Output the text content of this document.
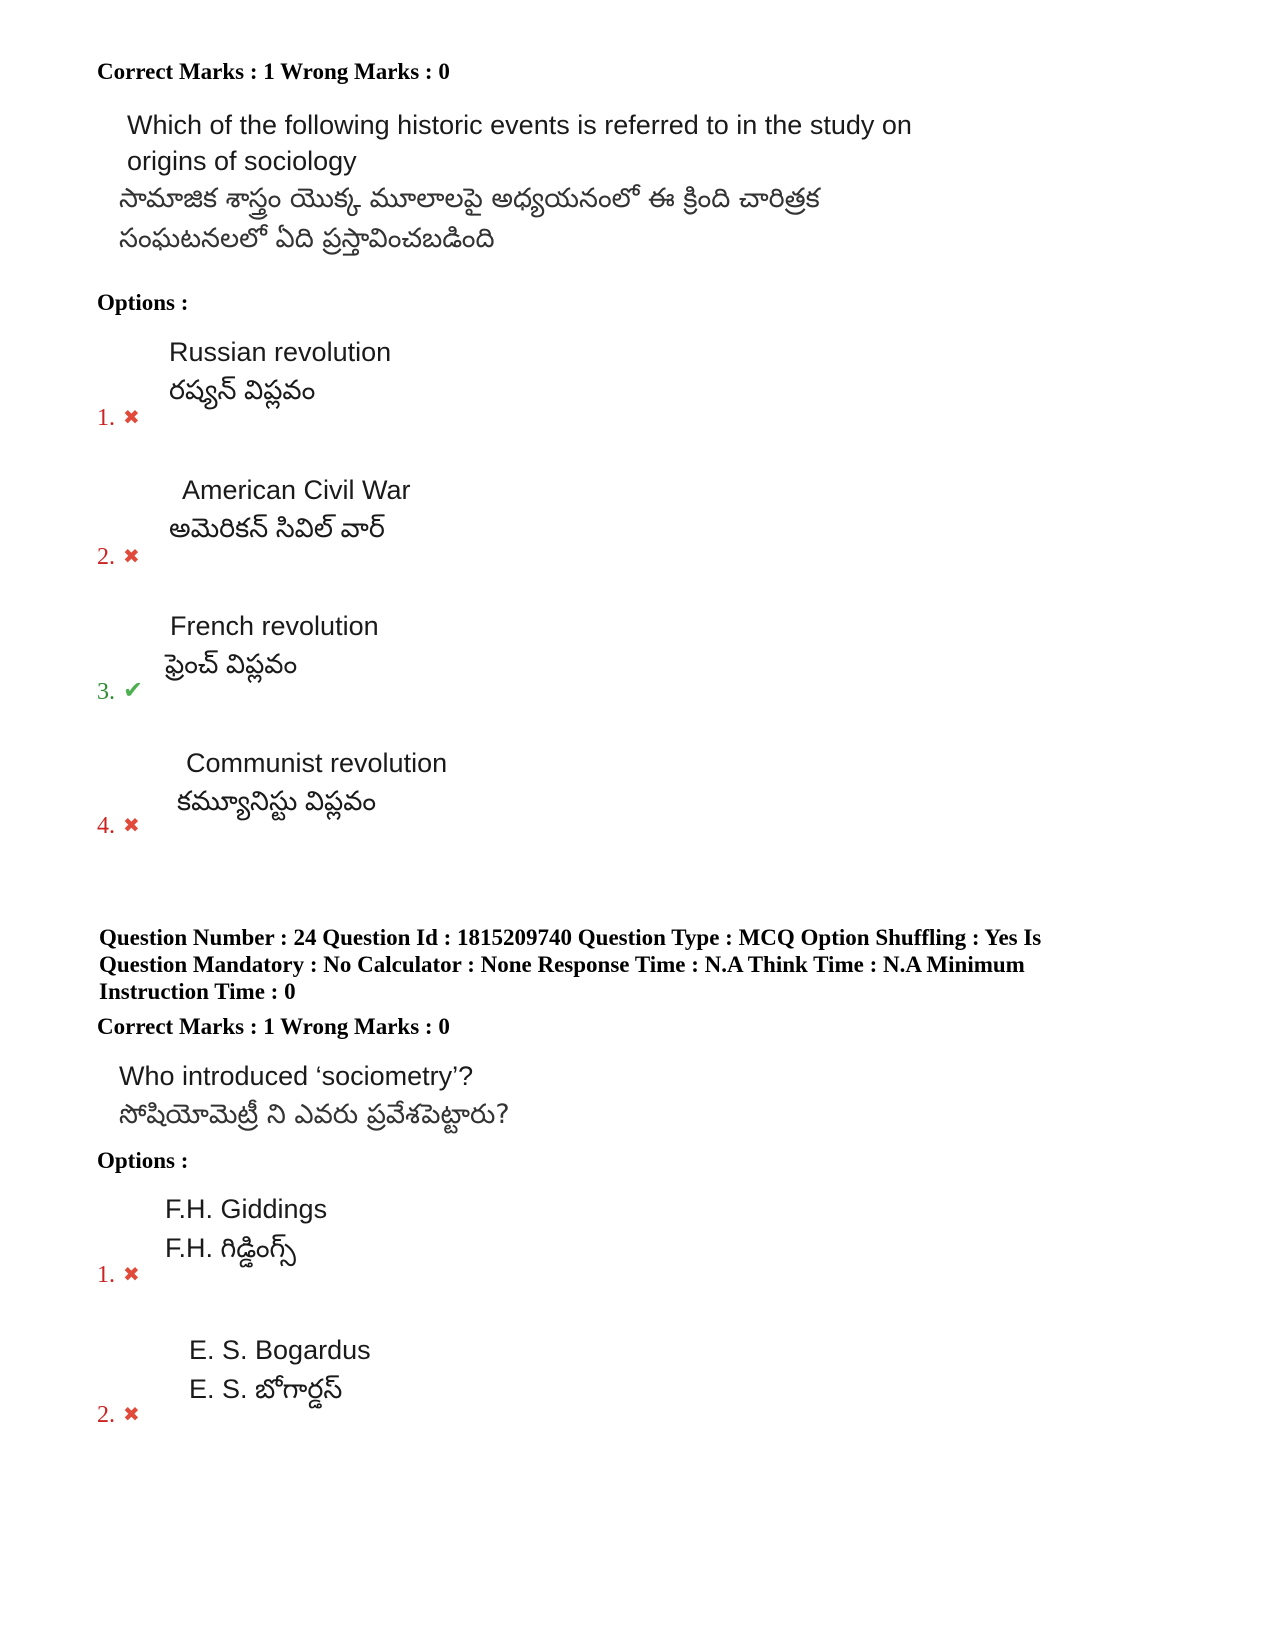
Correct Marks : 1 Wrong Marks : 0
Which of the following historic events is referred to in the study on
origins of sociology
సామాజిక శాస్త్రం యొక్క మూలాలపై అధ్యయనంలో ఈ క్రింది చారిత్రక
సంఘటనలలో ఏది ప్రస్తావించబడింది
Options :
Russian revolution
రష్యన్ విప్లవం
1. ✖
American Civil War
అమెరికన్ సివిల్ వార్
2. ✖
French revolution
ఫ్రెంచ్ విప్లవం
3. ✔
Communist revolution
కమ్యూనిస్టు విప్లవం
4. ✖
Question Number : 24 Question Id : 1815209740 Question Type : MCQ Option Shuffling : Yes Is
Question Mandatory : No Calculator : None Response Time : N.A Think Time : N.A Minimum
Instruction Time : 0
Correct Marks : 1 Wrong Marks : 0
Who introduced ‘sociometry’?
సోషియోమెట్రీ ని ఎవరు ప్రవేశపెట్టారు?
Options :
F.H. Giddings
F.H. గిడ్డింగ్స్
1. ✖
E. S. Bogardus
E. S. బోగార్డస్
2. ✖
